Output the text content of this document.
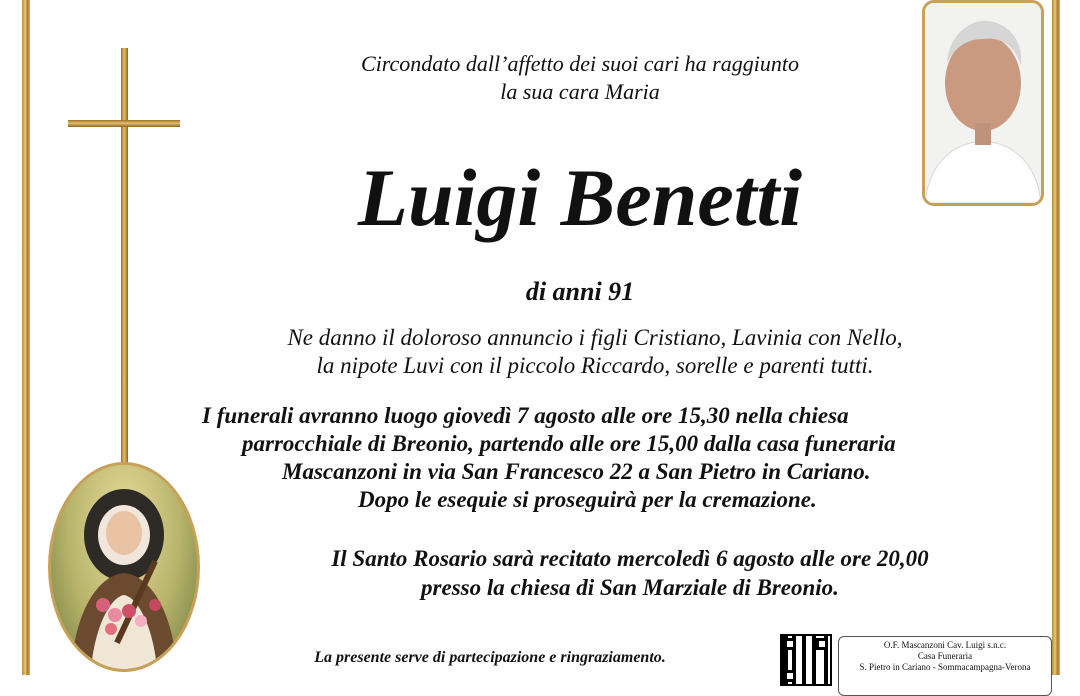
Circondato dall’affetto dei suoi cari ha raggiunto
la sua cara Maria
Luigi Benetti
di anni 91
Ne danno il doloroso annuncio i figli Cristiano, Lavinia con Nello,
la nipote Luvi con il piccolo Riccardo, sorelle e parenti tutti.
I funerali avranno luogo giovedì 7 agosto alle ore 15,30 nella chiesa
parrocchiale di Breonio, partendo alle ore 15,00 dalla casa funeraria
Mascanzoni in via San Francesco 22 a San Pietro in Cariano.
Dopo le esequie si proseguirà per la cremazione.
Il Santo Rosario sarà recitato mercoledì 6 agosto alle ore 20,00
presso la chiesa di San Marziale di Breonio.
La presente serve di partecipazione e ringraziamento.
O.F. Mascanzoni Cav. Luigi s.n.c.
Casa Funeraria
S. Pietro in Cariano - Sommacampagna-Verona
